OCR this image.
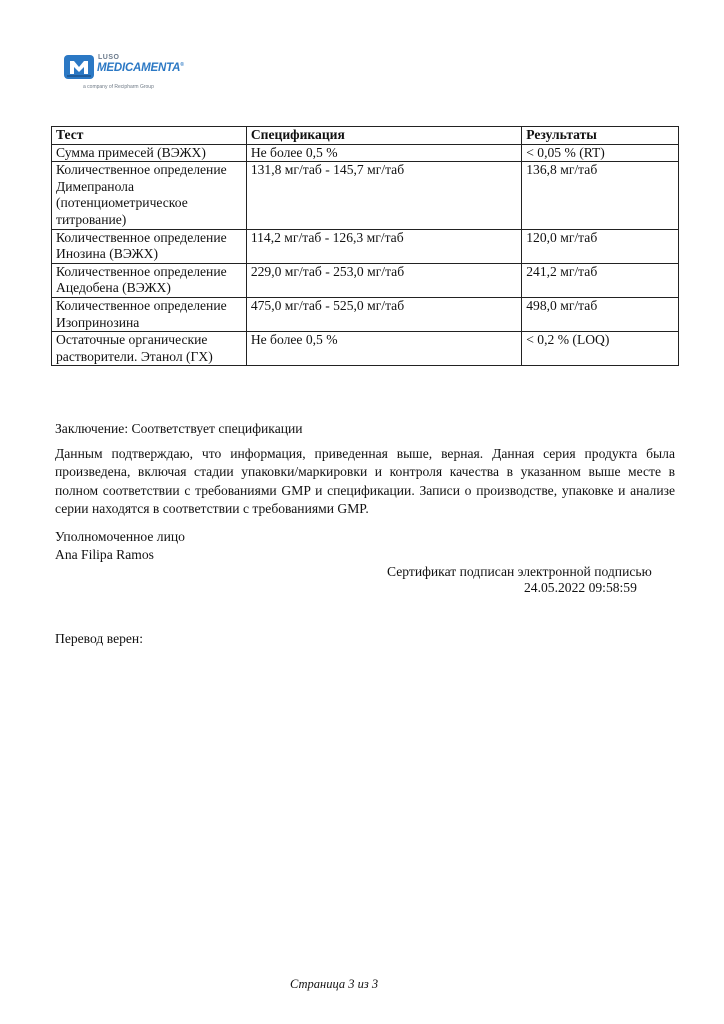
LUSO
MEDICAMENTA®
a company of Recipharm Group
Тест	Спецификация	Результаты
Сумма примесей (ВЭЖХ)	Не более 0,5 %	< 0,05 % (RT)
Количественное определение Димепранола (потенциометрическое титрование)	131,8 мг/таб - 145,7 мг/таб	136,8 мг/таб
Количественное определение Инозина (ВЭЖХ)	114,2 мг/таб - 126,3 мг/таб	120,0 мг/таб
Количественное определение Ацедобена (ВЭЖХ)	229,0 мг/таб - 253,0 мг/таб	241,2 мг/таб
Количественное определение Изопринозина	475,0 мг/таб - 525,0 мг/таб	498,0 мг/таб
Остаточные органические растворители. Этанол (ГХ)	Не более 0,5 %	< 0,2 % (LOQ)
Заключение: Соответствует спецификации
Данным подтверждаю, что информация, приведенная выше, верная. Данная серия продукта была произведена, включая стадии упаковки/маркировки и контроля качества в указанном выше месте в полном соответствии с требованиями GMP и спецификации. Записи о производстве, упаковке и анализе серии находятся в соответствии с требованиями GMP.
Уполномоченное лицо
Ana Filipa Ramos
Сертификат подписан электронной подписью
24.05.2022 09:58:59
Перевод верен:
Страница 3 из 3
